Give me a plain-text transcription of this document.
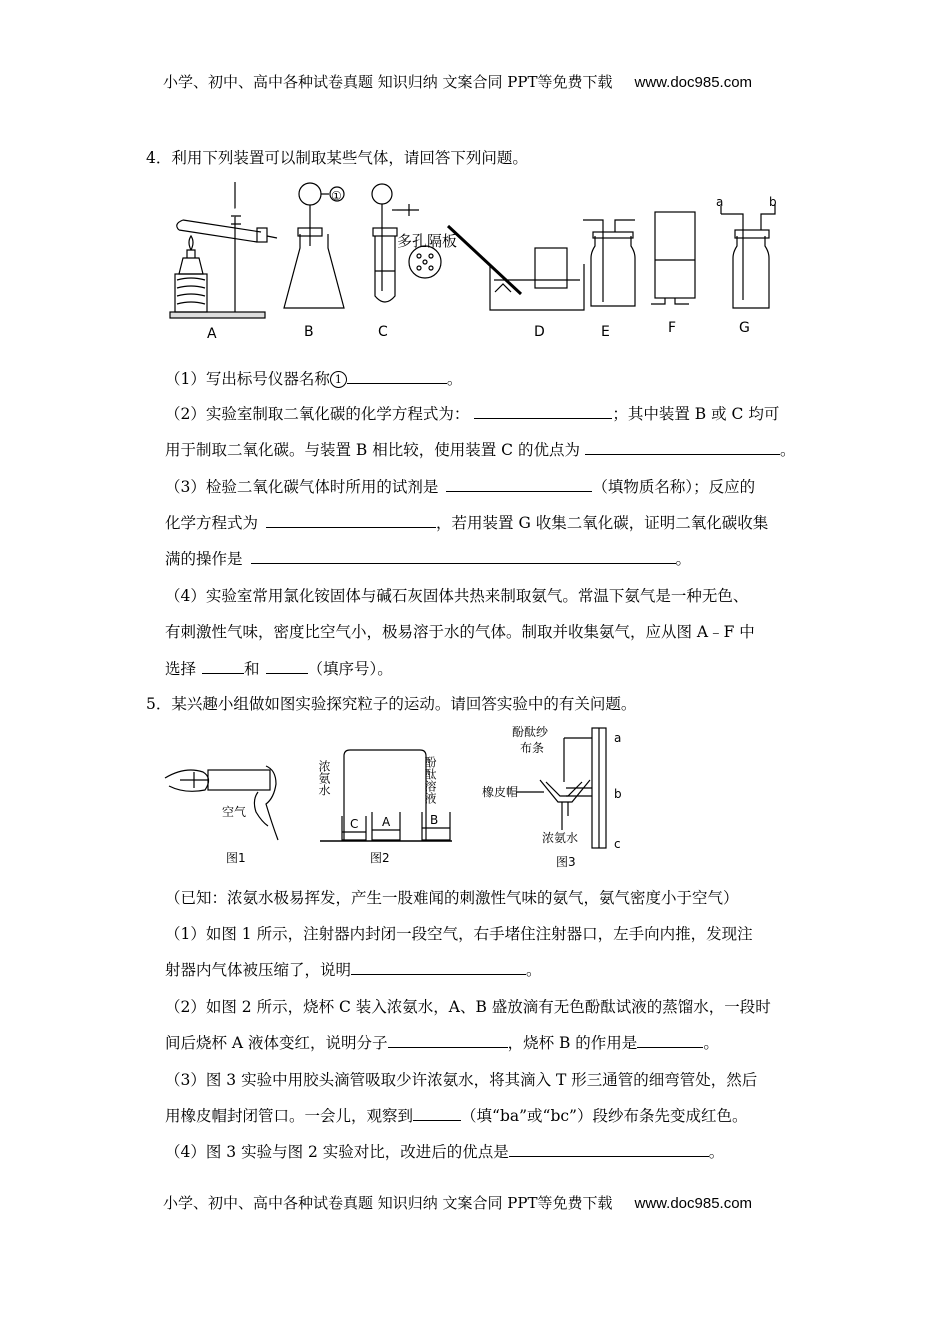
小学、初中、高中各种试卷真题 知识归纳 文案合同 PPT等免费下载 www.doc985.com
4．利用下列装置可以制取某些气体，请回答下列问题。
A	B	C	D	E	F	G
①
多孔隔板
a	b
（1）写出标号仪器名称 1	。
（2）实验室制取二氧化碳的化学方程式为：	；其中装置 B 或 C 均可
用于制取二氧化碳。与装置 B 相比较，使用装置 C 的优点为	。
（3）检验二氧化碳气体时所用的试剂是	（填物质名称）；反应的
化学方程式为	，若用装置 G 收集二氧化碳，证明二氧化碳收集
满的操作是	。
（4）实验室常用氯化铵固体与碱石灰固体共热来制取氨气。常温下氨气是一种无色、
有刺激性气味，密度比空气小，极易溶于水的气体。制取并收集氨气，应从图 A﹣F 中
选择	和	（填序号）。
5．某兴趣小组做如图实验探究粒子的运动。请回答实验中的有关问题。
空气
图1	图2	图3
浓氨水	酚酞溶液
C A	B
酚酞纱
布条
橡皮帽
浓氨水
a
b
c
（已知：浓氨水极易挥发，产生一股难闻的刺激性气味的氨气，氨气密度小于空气）
（1）如图 1 所示，注射器内封闭一段空气，右手堵住注射器口，左手向内推，发现注
射器内气体被压缩了，说明	。
（2）如图 2 所示，烧杯 C 装入浓氨水，A、B 盛放滴有无色酚酞试液的蒸馏水，一段时
间后烧杯 A 液体变红，说明分子	，烧杯 B 的作用是	。
（3）图 3 实验中用胶头滴管吸取少许浓氨水，将其滴入 T 形三通管的细弯管处，然后
用橡皮帽封闭管口。一会儿，观察到	（填“ba”或“bc”）段纱布条先变成红色。
（4）图 3 实验与图 2 实验对比，改进后的优点是	。
小学、初中、高中各种试卷真题 知识归纳 文案合同 PPT等免费下载 www.doc985.com
